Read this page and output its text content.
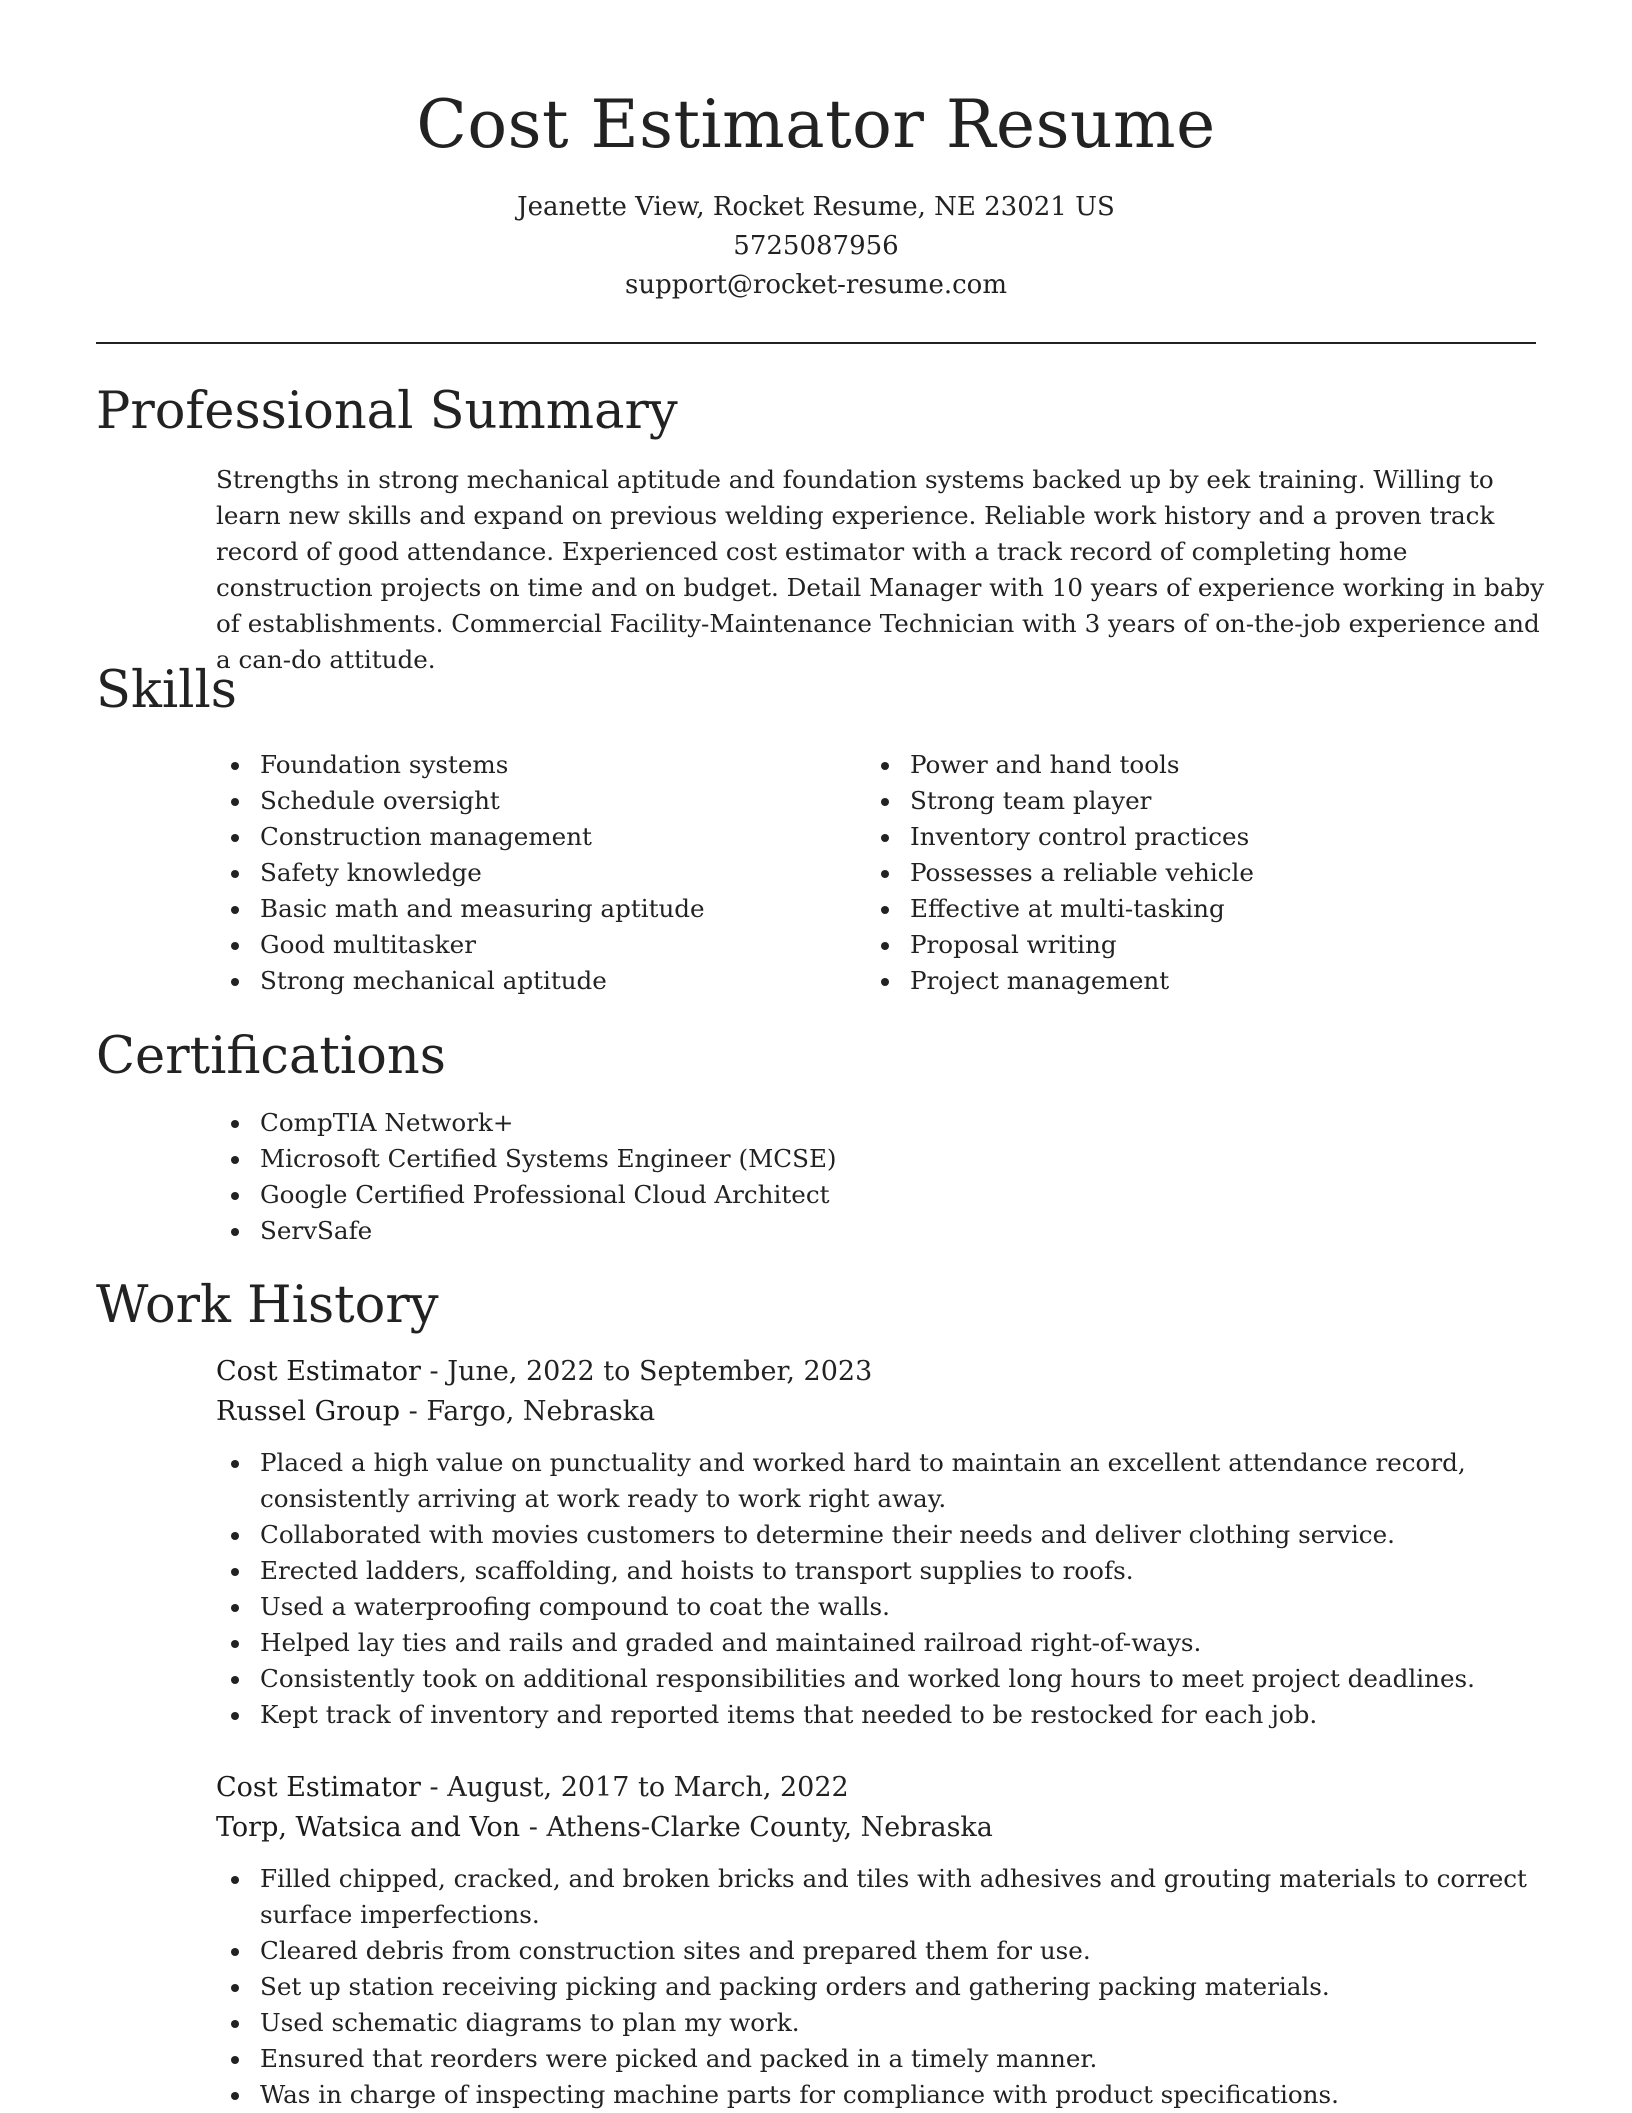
Cost Estimator Resume

Jeanette View, Rocket Resume, NE 23021 US

5725087956

support@rocket-resume.com

Professional Summary

Strengths in strong mechanical aptitude and foundation systems backed up by eek training. Willing to learn new skills and expand on previous welding experience. Reliable work history and a proven track record of good attendance. Experienced cost estimator with a track record of completing home construction projects on time and on budget. Detail Manager with 10 years of experience working in baby of establishments. Commercial Facility-Maintenance Technician with 3 years of on-the-job experience and a can-do attitude.

Skills
Foundation systems
Schedule oversight
Construction management
Safety knowledge
Basic math and measuring aptitude
Good multitasker
Strong mechanical aptitude
Power and hand tools
Strong team player
Inventory control practices
Possesses a reliable vehicle
Effective at multi-tasking
Proposal writing
Project management
Certifications
CompTIA Network+
Microsoft Certified Systems Engineer (MCSE)
Google Certified Professional Cloud Architect
ServSafe
Work History

Cost Estimator - June, 2022 to September, 2023

Russel Group - Fargo, Nebraska

Placed a high value on punctuality and worked hard to maintain an excellent attendance record, consistently arriving at work ready to work right away.
Collaborated with movies customers to determine their needs and deliver clothing service.
Erected ladders, scaffolding, and hoists to transport supplies to roofs.
Used a waterproofing compound to coat the walls.
Helped lay ties and rails and graded and maintained railroad right-of-ways.
Consistently took on additional responsibilities and worked long hours to meet project deadlines.
Kept track of inventory and reported items that needed to be restocked for each job.

Cost Estimator - August, 2017 to March, 2022

Torp, Watsica and Von - Athens-Clarke County, Nebraska

Filled chipped, cracked, and broken bricks and tiles with adhesives and grouting materials to correct surface imperfections.
Cleared debris from construction sites and prepared them for use.
Set up station receiving picking and packing orders and gathering packing materials.
Used schematic diagrams to plan my work.
Ensured that reorders were picked and packed in a timely manner.
Was in charge of inspecting machine parts for compliance with product specifications.
